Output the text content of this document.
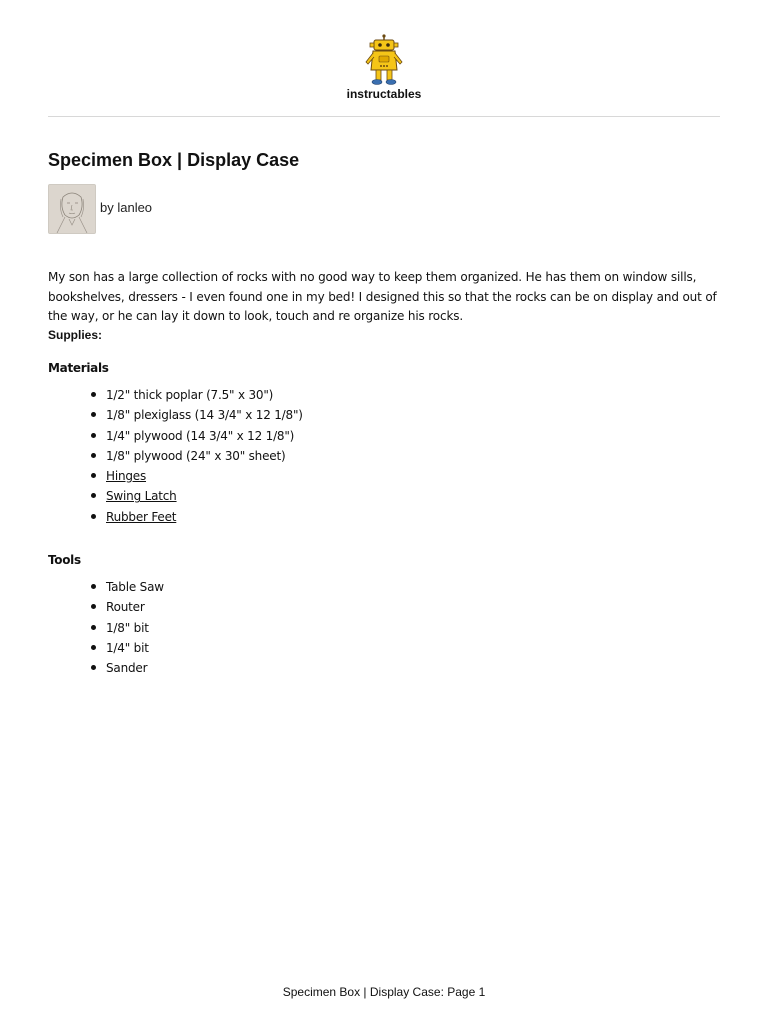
instructables
Specimen Box | Display Case
by lanleo

My son has a large collection of rocks with no good way to keep them organized. He has them on window sills, bookshelves, dressers - I even found one in my bed! I designed this so that the rocks can be on display and out of the way, or he can lay it down to look, touch and re organize his rocks.

Supplies:
Materials
1/2" thick poplar (7.5" x 30")
1/8" plexiglass (14 3/4" x 12 1/8")
1/4" plywood (14 3/4" x 12 1/8")
1/8" plywood (24" x 30" sheet)
Hinges
Swing Latch
Rubber Feet
Tools
Table Saw
Router
1/8" bit
1/4" bit
Sander
Specimen Box | Display Case: Page 1
